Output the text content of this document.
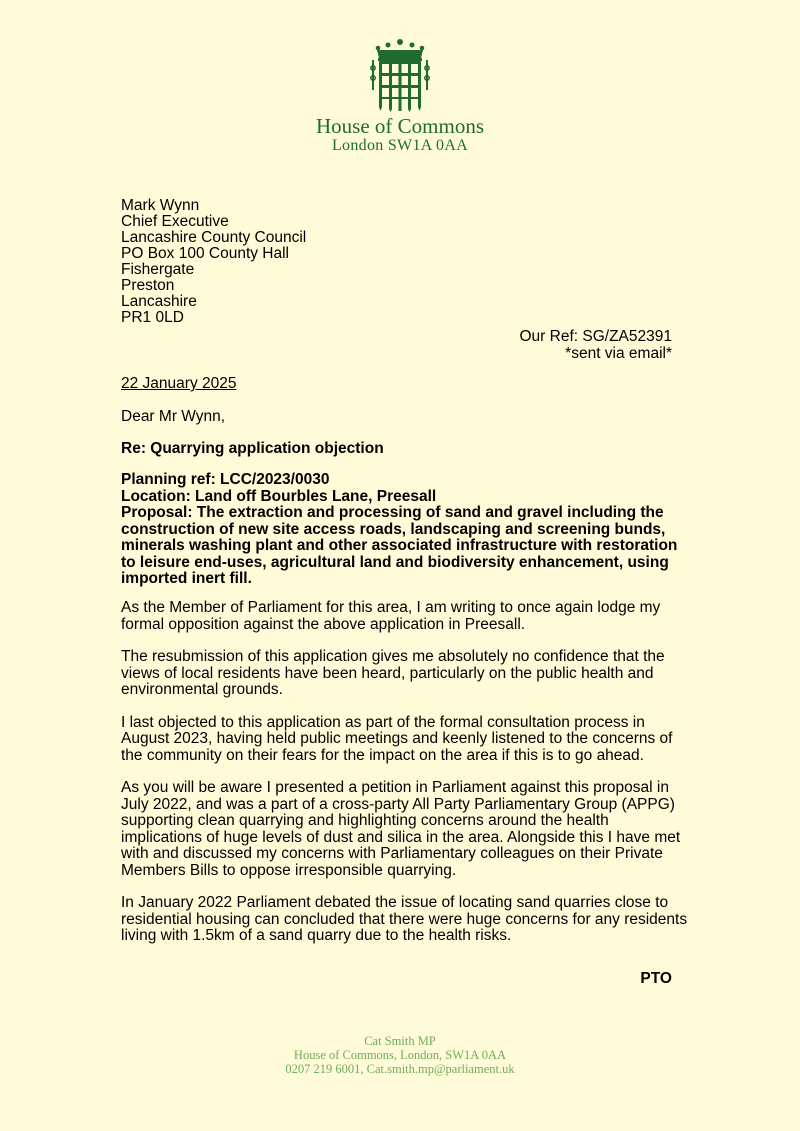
House of Commons
London SW1A 0AA
Mark Wynn
Chief Executive
Lancashire County Council
PO Box 100 County Hall
Fishergate
Preston
Lancashire
PR1 0LD
Our Ref: SG/ZA52391
*sent via email*
22 January 2025
Dear Mr Wynn,
Re: Quarrying application objection
Planning ref: LCC/2023/0030
Location: Land off Bourbles Lane, Preesall
Proposal: The extraction and processing of sand and gravel including the construction of new site access roads, landscaping and screening bunds, minerals washing plant and other associated infrastructure with restoration to leisure end-uses, agricultural land and biodiversity enhancement, using imported inert fill.

As the Member of Parliament for this area, I am writing to once again lodge my formal opposition against the above application in Preesall.

The resubmission of this application gives me absolutely no confidence that the views of local residents have been heard, particularly on the public health and environmental grounds.

I last objected to this application as part of the formal consultation process in August 2023, having held public meetings and keenly listened to the concerns of the community on their fears for the impact on the area if this is to go ahead.

As you will be aware I presented a petition in Parliament against this proposal in July 2022, and was a part of a cross-party All Party Parliamentary Group (APPG) supporting clean quarrying and highlighting concerns around the health implications of huge levels of dust and silica in the area. Alongside this I have met with and discussed my concerns with Parliamentary colleagues on their Private Members Bills to oppose irresponsible quarrying.

In January 2022 Parliament debated the issue of locating sand quarries close to residential housing can concluded that there were huge concerns for any residents living with 1.5km of a sand quarry due to the health risks.

PTO
Cat Smith MP
House of Commons, London, SW1A 0AA
0207 219 6001, Cat.smith.mp@parliament.uk
